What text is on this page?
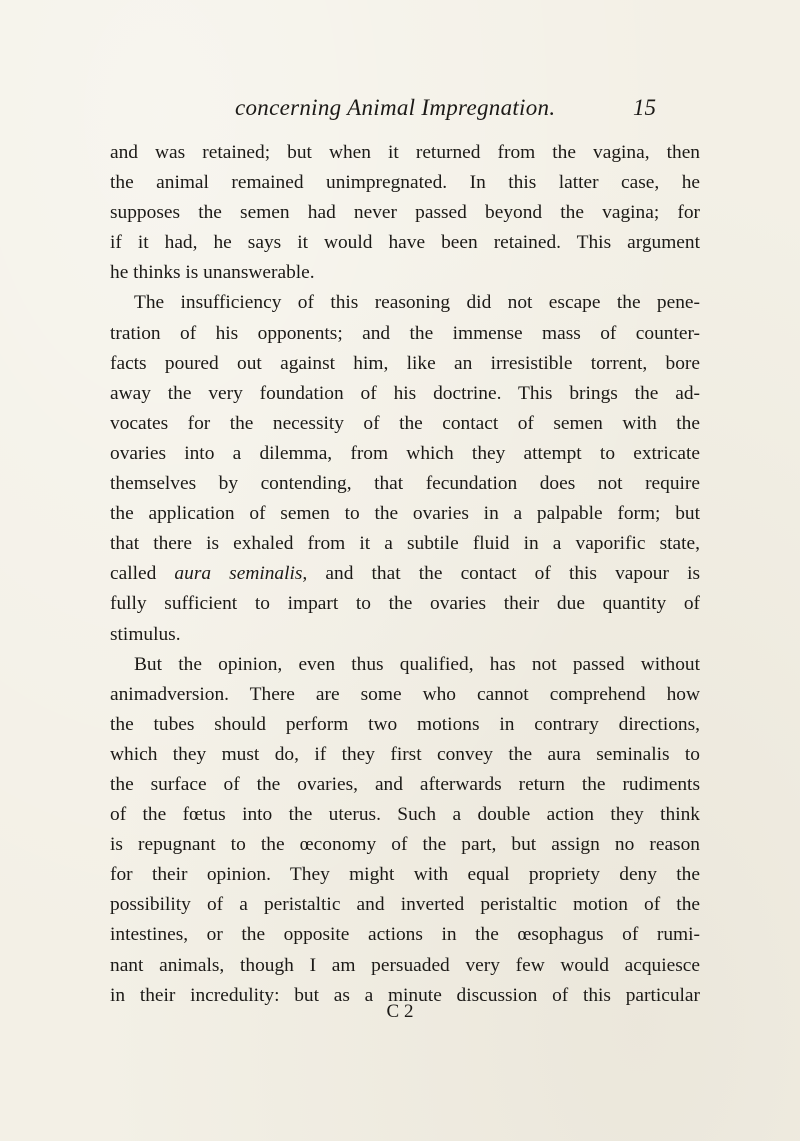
concerning Animal Impregnation.	15
and was retained; but when it returned from the vagina, then
the animal remained unimpregnated. In this latter case, he
supposes the semen had never passed beyond the vagina; for
if it had, he says it would have been retained. This argument
he thinks is unanswerable.
The insufficiency of this reasoning did not escape the pene-
tration of his opponents; and the immense mass of counter-
facts poured out against him, like an irresistible torrent, bore
away the very foundation of his doctrine. This brings the ad-
vocates for the necessity of the contact of semen with the
ovaries into a dilemma, from which they attempt to extricate
themselves by contending, that fecundation does not require
the application of semen to the ovaries in a palpable form; but
that there is exhaled from it a subtile fluid in a vaporific state,
called aura seminalis, and that the contact of this vapour is
fully sufficient to impart to the ovaries their due quantity of
stimulus.
But the opinion, even thus qualified, has not passed without
animadversion. There are some who cannot comprehend how
the tubes should perform two motions in contrary directions,
which they must do, if they first convey the aura seminalis to
the surface of the ovaries, and afterwards return the rudiments
of the fœtus into the uterus. Such a double action they think
is repugnant to the œconomy of the part, but assign no reason
for their opinion. They might with equal propriety deny the
possibility of a peristaltic and inverted peristaltic motion of the
intestines, or the opposite actions in the œsophagus of rumi-
nant animals, though I am persuaded very few would acquiesce
in their incredulity: but as a minute discussion of this particular
C 2
